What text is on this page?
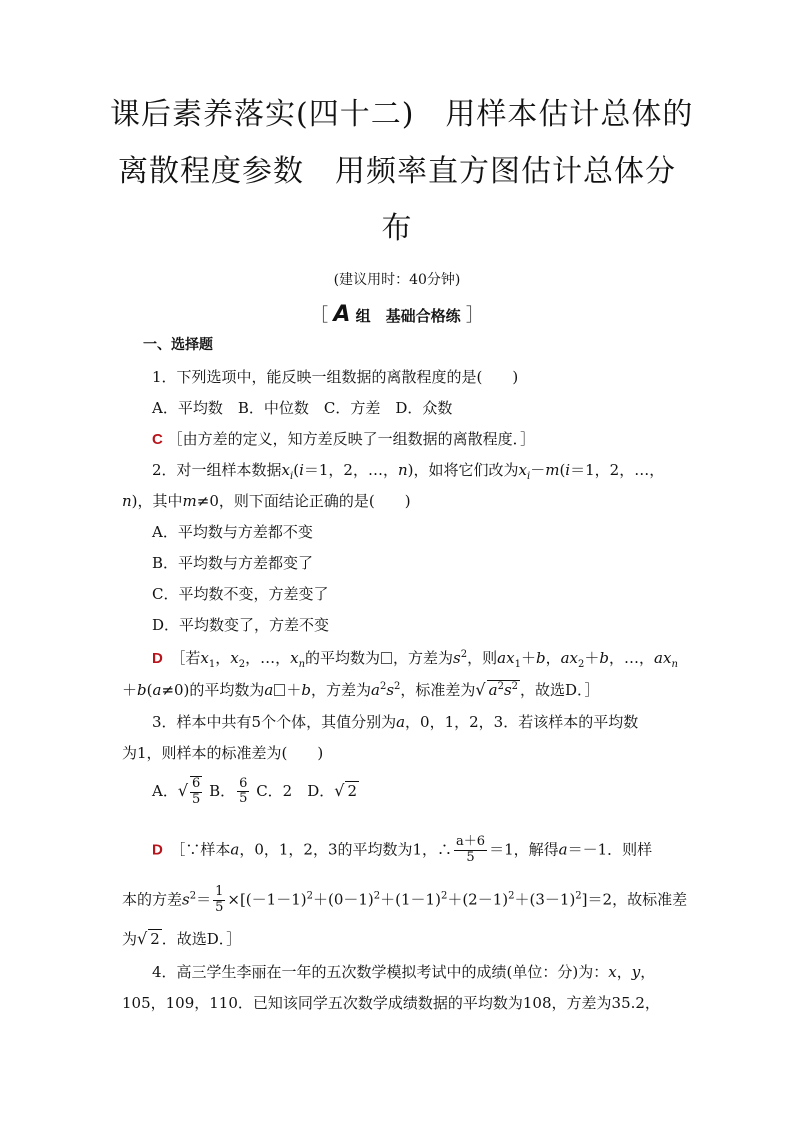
课后素养落实(四十二)　用样本估计总体的
离散程度参数　用频率直方图估计总体分
布
(建议用时：40分钟)
［ A 组　基础合格练 ］
一、选择题
1．下列选项中，能反映一组数据的离散程度的是(　　)
A．平均数　B．中位数　C．方差　D．众数
C ［由方差的定义，知方差反映了一组数据的离散程度．］
2．对一组样本数据$x_i(i=1$，2，…，n)，如将它们改为$x_i-m(i=1$，2，…，
n)，其中m≠0，则下面结论正确的是(　　)
A．平均数与方差都不变
B．平均数与方差都变了
C．平均数不变，方差变了
D．平均数变了，方差不变
D　 ［若$x_1$，$x_2$，…，$x_n$的平均数为 ，方差为$s^2$，则$ax_1+b$，$ax_2+b$，…，$ax_n$
＋b(a≠0)的平均数为a ＋b，方差为$a^2s^2$，标准差为√ $a^2s^2$ ，故选D．］
3．样本中共有5个个体，其值分别为a，0，1，2，3．若该样本的平均数
为1，则样本的标准差为(　　)
A．√ $\frac{6}{5}$ B． $\frac{6}{5}$ C．2　 D．√ 2
D　 ［∵样本a，0，1，2，3的平均数为1，∴ $\frac{a+6}{5} =1$，解得a＝－1．则样
本的方差$s^2= \frac{1}{5} \times[(-1-1)^2+(0-1)^2+(1-1)^2+(2-1)^2+(3-1)^2]=2$，故标准差
为√ 2 ．故选D．］
4．高三学生李丽在一年的五次数学模拟考试中的成绩(单位：分)为：x，y，
105，109，110．已知该同学五次数学成绩数据的平均数为108，方差为35.2，
